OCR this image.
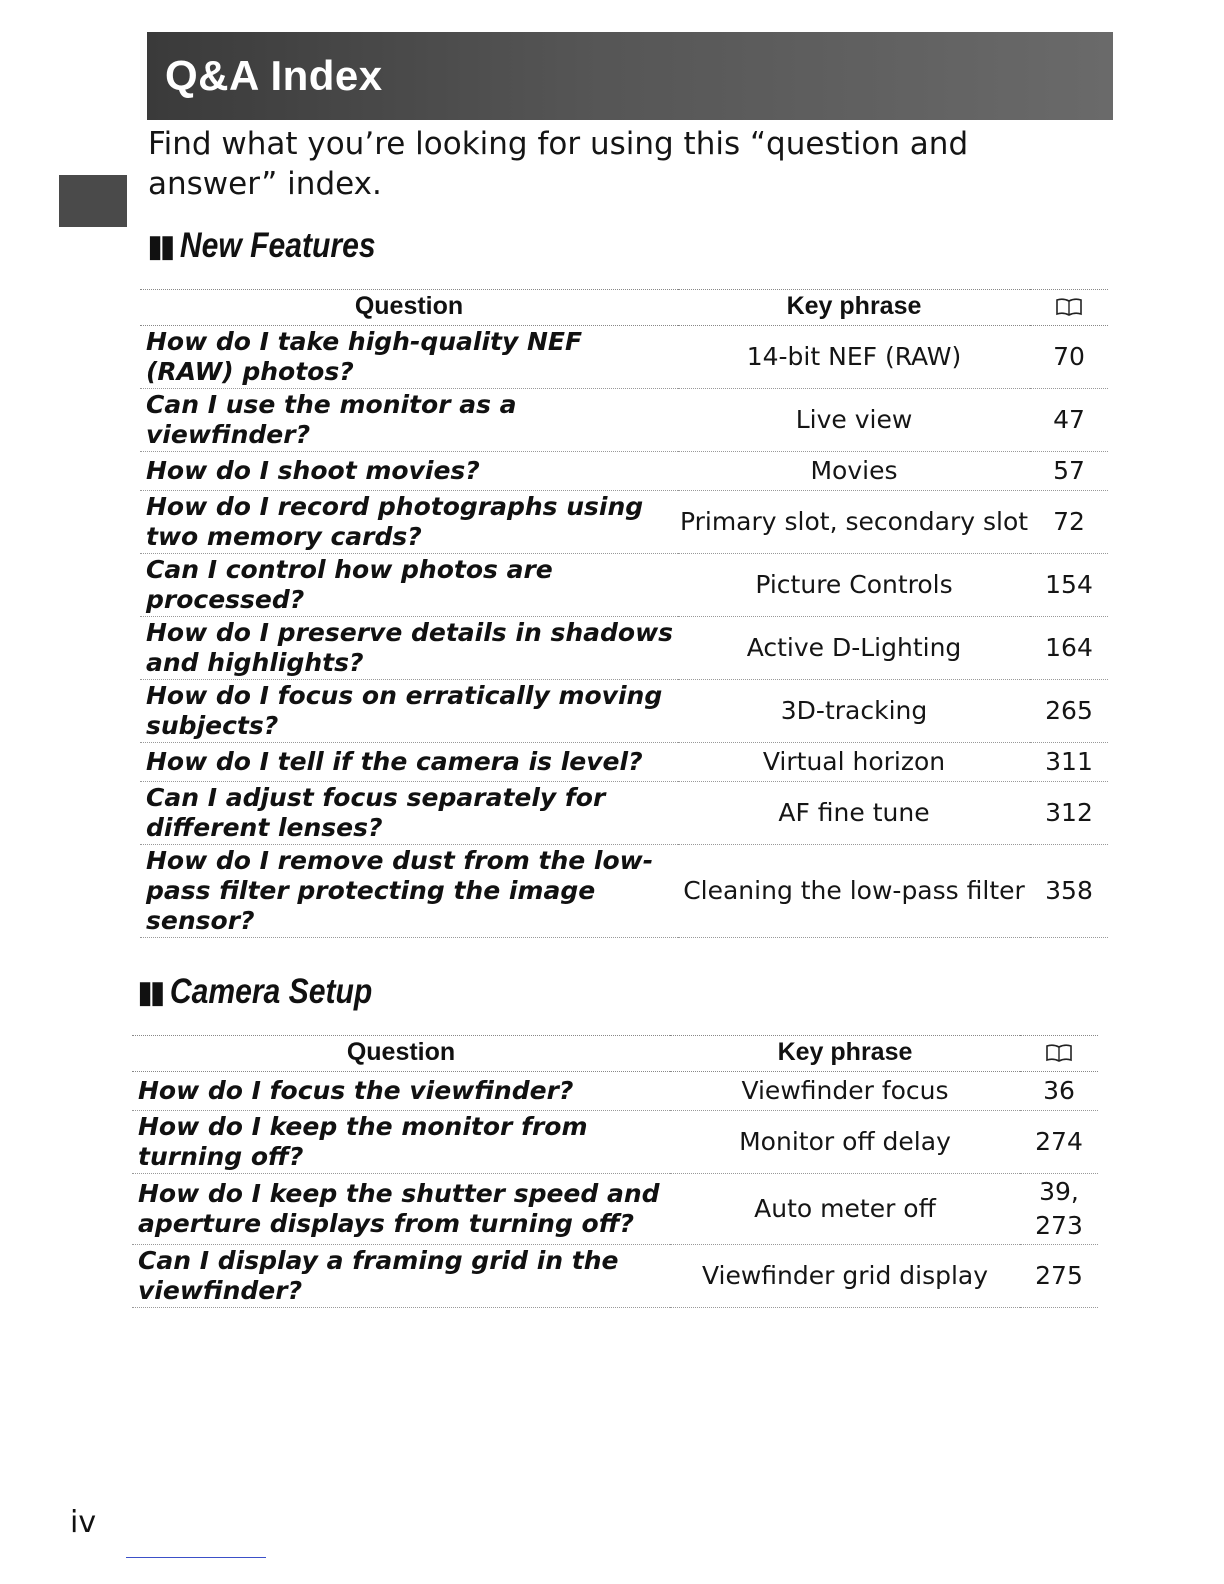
Q&A Index
Find what you’re looking for using this “question and answer” index.
▮▮ New Features
Question	Key phrase	
How do I take high-quality NEF (RAW) photos?	14-bit NEF (RAW)	70
Can I use the monitor as a viewfinder?	Live view	47
How do I shoot movies?	Movies	57
How do I record photographs using two memory cards?	Primary slot, secondary slot	72
Can I control how photos are processed?	Picture Controls	154
How do I preserve details in shadows and highlights?	Active D-Lighting	164
How do I focus on erratically moving subjects?	3D-tracking	265
How do I tell if the camera is level?	Virtual horizon	311
Can I adjust focus separately for different lenses?	AF fine tune	312
How do I remove dust from the low-pass filter protecting the image sensor?	Cleaning the low-pass filter	358
▮▮ Camera Setup
Question	Key phrase	
How do I focus the viewfinder?	Viewfinder focus	36
How do I keep the monitor from turning off?	Monitor off delay	274
How do I keep the shutter speed and aperture displays from turning off?	Auto meter off	39, 273
Can I display a framing grid in the viewfinder?	Viewfinder grid display	275
iv
